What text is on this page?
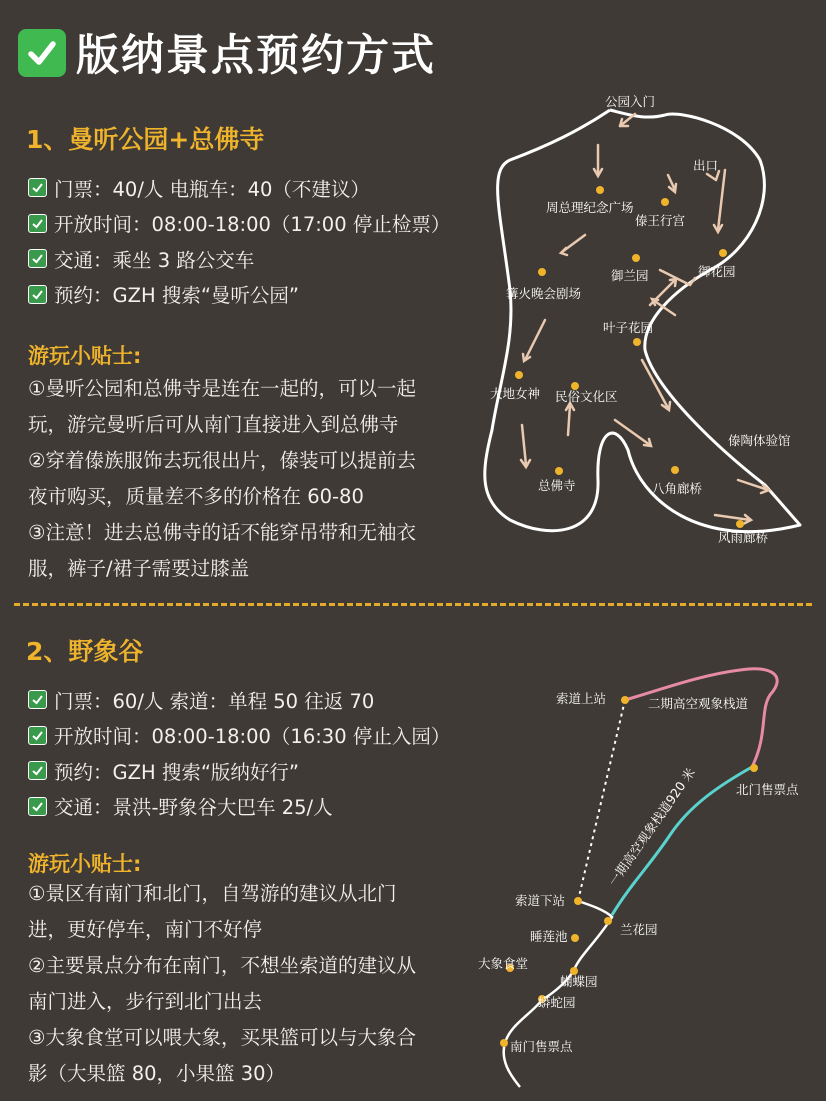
版纳景点预约方式
1、曼听公园+总佛寺
门票：40/人 电瓶车：40（不建议）
开放时间：08:00-18:00（17:00 停止检票）
交通：乘坐 3 路公交车
预约：GZH 搜索“曼听公园”
游玩小贴士:

①曼听公园和总佛寺是连在一起的，可以一起

玩，游完曼听后可从南门直接进入到总佛寺

②穿着傣族服饰去玩很出片，傣装可以提前去

夜市购买，质量差不多的价格在 60-80

③注意！进去总佛寺的话不能穿吊带和无袖衣

服，裤子/裙子需要过膝盖

公园入门
出口
周总理纪念广场
傣王行宫
篝火晚会剧场
御兰园	御花园
叶子花园
大地女神 民俗文化区
傣陶体验馆
总佛寺	八角廊桥
风雨廊桥
2、野象谷
门票：60/人 索道：单程 50 往返 70
开放时间：08:00-18:00（16:30 停止入园）
预约：GZH 搜索“版纳好行”
交通：景洪-野象谷大巴车 25/人
游玩小贴士:

①景区有南门和北门，自驾游的建议从北门

进，更好停车，南门不好停

②主要景点分布在南门，不想坐索道的建议从

南门进入，步行到北门出去

③大象食堂可以喂大象，买果篮可以与大象合

影（大果篮 80，小果篮 30）

索道上站	二期高空观象栈道
北门售票点
一期高空观象栈道920 米
索道下站
兰花园
睡莲池
大象食堂
蝴蝶园
蟒蛇园
南门售票点
